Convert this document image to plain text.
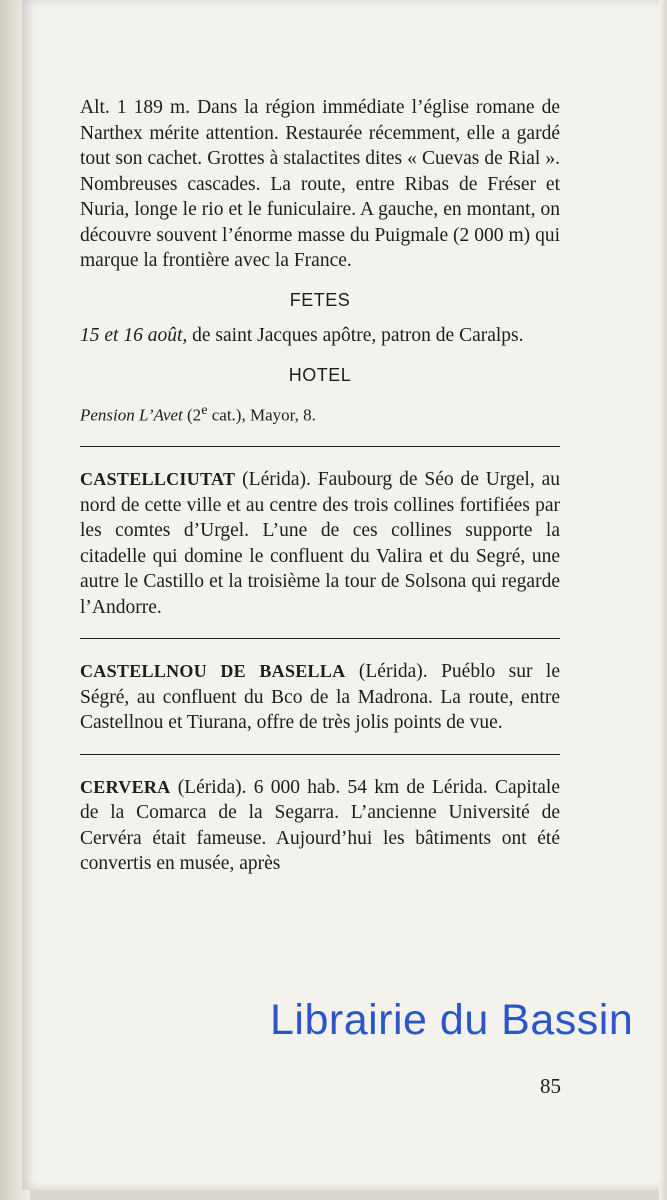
Alt. 1 189 m. Dans la région immédiate l’église romane de Narthex mérite attention. Restaurée récemment, elle a gardé tout son cachet. Grottes à stalactites dites « Cuevas de Rial ». Nombreuses cascades. La route, entre Ribas de Fréser et Nuria, longe le rio et le funiculaire. A gauche, en montant, on découvre souvent l’énorme masse du Puigmale (2 000 m) qui marque la frontière avec la France.

FETES

15 et 16 août, de saint Jacques apôtre, patron de Caralps.

HOTEL

Pension L’Avet (2e cat.), Mayor, 8.

CASTELLCIUTAT (Lérida). Faubourg de Séo de Urgel, au nord de cette ville et au centre des trois collines fortifiées par les comtes d’Urgel. L’une de ces collines supporte la citadelle qui domine le confluent du Valira et du Segré, une autre le Castillo et la troisième la tour de Solsona qui regarde l’Andorre.

CASTELLNOU DE BASELLA (Lérida). Puéblo sur le Ségré, au confluent du Bco de la Madrona. La route, entre Castellnou et Tiurana, offre de très jolis points de vue.

CERVERA (Lérida). 6 000 hab. 54 km de Lérida. Capitale de la Comarca de la Segarra. L’ancienne Université de Cervéra était fameuse. Aujourd’hui les bâtiments ont été convertis en musée, après

85
Librairie du Bassin
